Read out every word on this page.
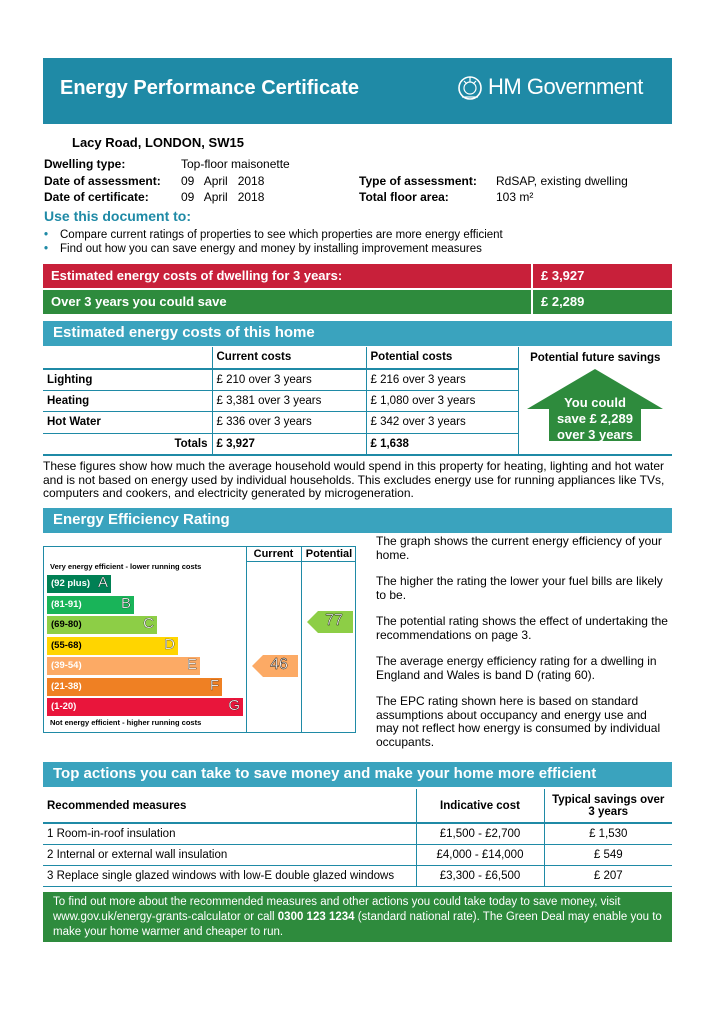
Energy Performance Certificate	HM Government
Lacy Road, LONDON, SW15
Dwelling type:	Top-floor maisonette
Date of assessment: 09   April   2018
Date of certificate:	09   April   2018
Type of assessment: RdSAP, existing dwelling
Total floor area:	103 m²
Use this document to:
• Compare current ratings of properties to see which properties are more energy efficient
• Find out how you can save energy and money by installing improvement measures
Estimated energy costs of dwelling for 3 years:	£ 3,927
Over 3 years you could save	£ 2,289
Estimated energy costs of this home
	Current costs	Potential costs	Potential future savings
Lighting	£ 210 over 3 years	£ 216 over 3 years	You could
save £ 2,289
over 3 years

Heating	£ 3,381 over 3 years	£ 1,080 over 3 years	
Hot Water	£ 336 over 3 years	£ 342 over 3 years	
Totals	£ 3,927	£ 1,638	
These figures show how much the average household would spend in this property for heating, lighting and hot water and is not based on energy used by individual households. This excludes energy use for running appliances like TVs, computers and cookers, and electricity generated by microgeneration.
Energy Efficiency Rating
Current	Potential
Very energy efficient - lower running costs
Not energy efficient - higher running costs
(92 plus) A
(81-91)	B
(69-80)	C
(55-68)	D
(39-54)	E
(21-38)	F
(1-20)	G
46
77

The graph shows the current energy efficiency of your home.

The higher the rating the lower your fuel bills are likely to be.

The potential rating shows the effect of undertaking the recommendations on page 3.

The average energy efficiency rating for a dwelling in England and Wales is band D (rating 60).

The EPC rating shown here is based on standard assumptions about occupancy and energy use and may not reflect how energy is consumed by individual occupants.

Top actions you can take to save money and make your home more efficient
Recommended measures	Indicative cost	Typical savings over 3 years
1 Room-in-roof insulation	£1,500 - £2,700	£ 1,530
2 Internal or external wall insulation	£4,000 - £14,000	£ 549
3 Replace single glazed windows with low-E double glazed windows	£3,300 - £6,500	£ 207
To find out more about the recommended measures and other actions you could take today to save money, visit www.gov.uk/energy-grants-calculator or call 0300 123 1234 (standard national rate). The Green Deal may enable you to make your home warmer and cheaper to run.
